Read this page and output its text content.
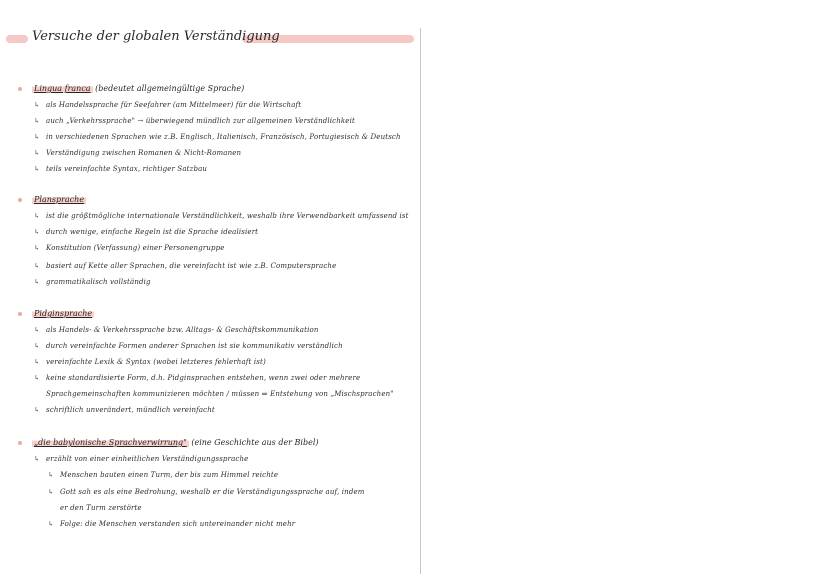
Versuche der globalen Verständigung
Lingua franca (bedeutet allgemeingültige Sprache)
↳ als Handelssprache für Seefahrer (am Mittelmeer) für die Wirtschaft
↳ auch „Verkehrssprache" → überwiegend mündlich zur allgemeinen Verständlichkeit
↳ in verschiedenen Sprachen wie z.B. Englisch, Italienisch, Französisch, Portugiesisch & Deutsch
↳ Verständigung zwischen Romanen & Nicht-Romanen
↳ teils vereinfachte Syntax, richtiger Satzbau
Plansprache
↳ ist die größtmögliche internationale Verständlichkeit, weshalb ihre Verwendbarkeit umfassend ist
↳ durch wenige, einfache Regeln ist die Sprache idealisiert
↳ Konstitution (Verfassung) einer Personengruppe
↳ basiert auf Kette aller Sprachen, die vereinfacht ist wie z.B. Computersprache
↳ grammatikalisch vollständig
Pidginsprache
↳ als Handels- & Verkehrssprache bzw. Alltags- & Geschäftskommunikation
↳ durch vereinfachte Formen anderer Sprachen ist sie kommunikativ verständlich
↳ vereinfachte Lexik & Syntax (wobei letzteres fehlerhaft ist)
↳ keine standardisierte Form, d.h. Pidginsprachen entstehen, wenn zwei oder mehrere
Sprachgemeinschaften kommunizieren möchten / müssen ⇒ Entstehung von „Mischsprachen"
↳ schriftlich unverändert, mündlich vereinfacht
„die babylonische Sprachverwirrung" (eine Geschichte aus der Bibel)
↳ erzählt von einer einheitlichen Verständigungssprache
↳ Menschen bauten einen Turm, der bis zum Himmel reichte
↳ Gott sah es als eine Bedrohung, weshalb er die Verständigungssprache auf, indem
er den Turm zerstörte
↳ Folge: die Menschen verstanden sich untereinander nicht mehr
